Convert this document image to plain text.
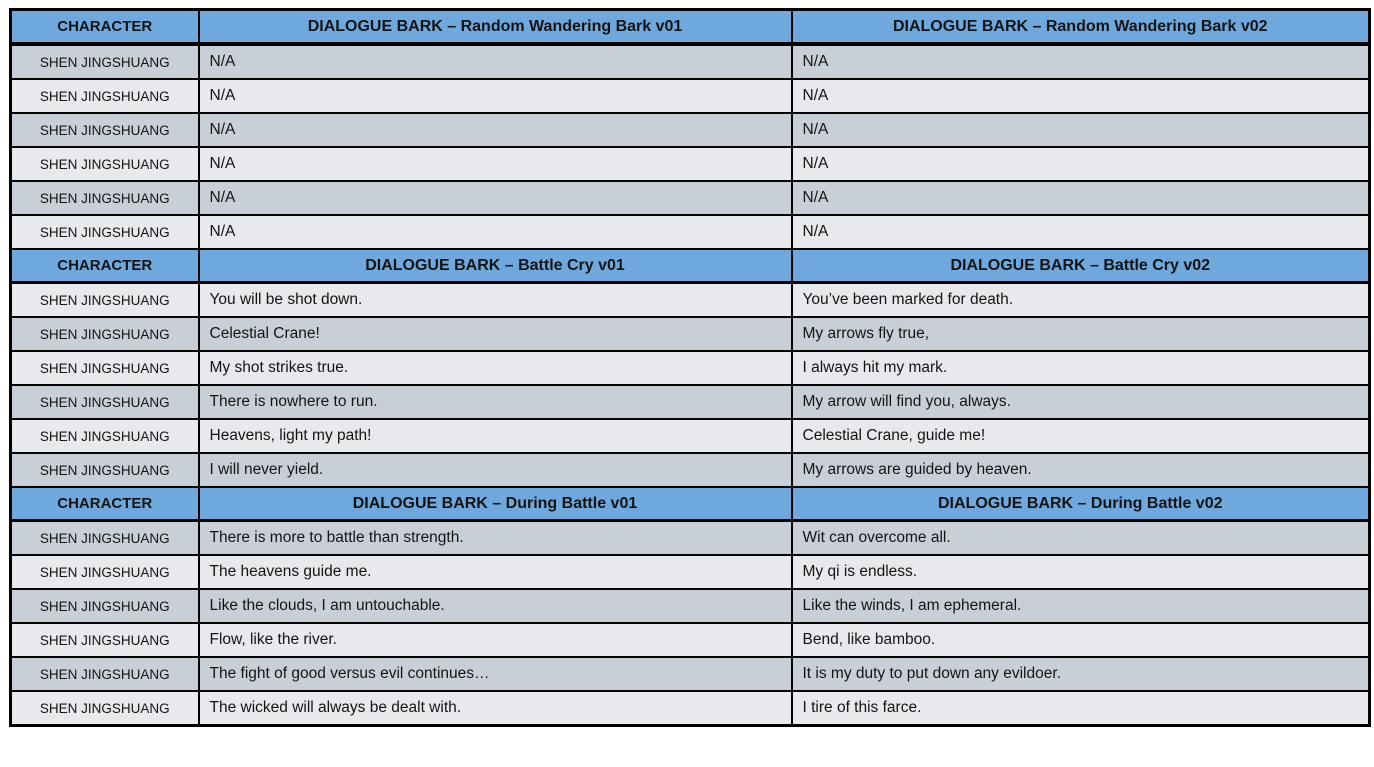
CHARACTER	DIALOGUE BARK – Random Wandering Bark v01	DIALOGUE BARK – Random Wandering Bark v02
SHEN JINGSHUANG	N/A	N/A
SHEN JINGSHUANG	N/A	N/A
SHEN JINGSHUANG	N/A	N/A
SHEN JINGSHUANG	N/A	N/A
SHEN JINGSHUANG	N/A	N/A
SHEN JINGSHUANG	N/A	N/A
CHARACTER	DIALOGUE BARK – Battle Cry v01	DIALOGUE BARK – Battle Cry v02
SHEN JINGSHUANG	You will be shot down.	You’ve been marked for death.
SHEN JINGSHUANG	Celestial Crane!	My arrows fly true,
SHEN JINGSHUANG	My shot strikes true.	I always hit my mark.
SHEN JINGSHUANG	There is nowhere to run.	My arrow will find you, always.
SHEN JINGSHUANG	Heavens, light my path!	Celestial Crane, guide me!
SHEN JINGSHUANG	I will never yield.	My arrows are guided by heaven.
CHARACTER	DIALOGUE BARK – During Battle v01	DIALOGUE BARK – During Battle v02
SHEN JINGSHUANG	There is more to battle than strength.	Wit can overcome all.
SHEN JINGSHUANG	The heavens guide me.	My qi is endless.
SHEN JINGSHUANG	Like the clouds, I am untouchable.	Like the winds, I am ephemeral.
SHEN JINGSHUANG	Flow, like the river.	Bend, like bamboo.
SHEN JINGSHUANG	The fight of good versus evil continues…	It is my duty to put down any evildoer.
SHEN JINGSHUANG	The wicked will always be dealt with.	I tire of this farce.
